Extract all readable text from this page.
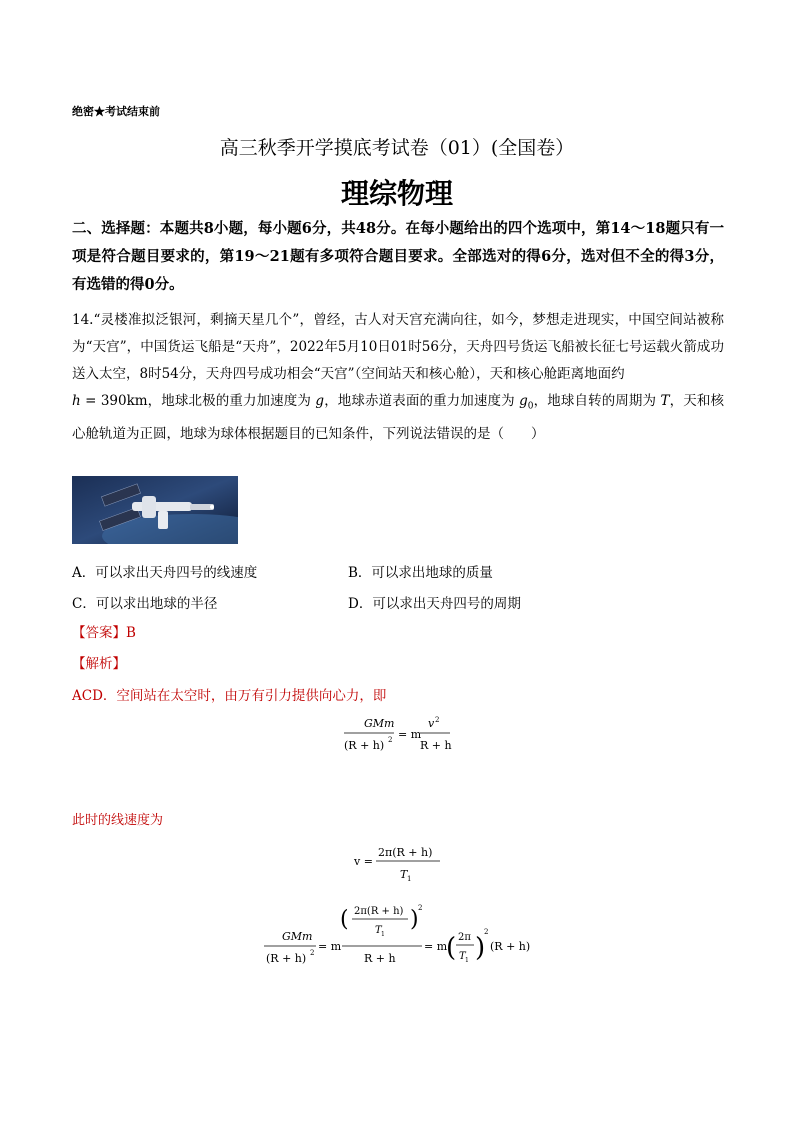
绝密★考试结束前
高三秋季开学摸底考试卷（01）(全国卷）
理综物理
二、选择题：本题共8小题，每小题6分，共48分。在每小题给出的四个选项中，第14～18题只有一项是符合题目要求的，第19～21题有多项符合题目要求。全部选对的得6分，选对但不全的得3分，有选错的得0分。
14.“灵楼准拟泛银河，剩摘天星几个”，曾经，古人对天宫充满向往，如今，梦想走进现实，中国空间站被称为“天宫”，中国货运飞船是“天舟”，2022年5月10日01时56分，天舟四号货运飞船被长征七号运载火箭成功送入太空，8时54分，天舟四号成功相会“天宫”（空间站天和核心舱），天和核心舱距离地面约
h = 390km，地球北极的重力加速度为 g，地球赤道表面的重力加速度为 $g_0$，地球自转的周期为 T，天和核心舱轨道为正圆，地球为球体根据题目的已知条件，下列说法错误的是（　　）
A．可以求出天舟四号的线速度	B．可以求出地球的质量
C．可以求出地球的半径	D．可以求出天舟四号的周期
【答案】B
【解析】
ACD．空间站在太空时，由万有引力提供向心力，即
GMm
(R + h) 2 = m
v 2
R + h
此时的线速度为
v =
2π(R + h)
T 1
GMm
(R + h) 2 = m
( 2π(R + h)
T 1
) 2
R + h
= m
( 2π
T 1 )
2
(R + h)
